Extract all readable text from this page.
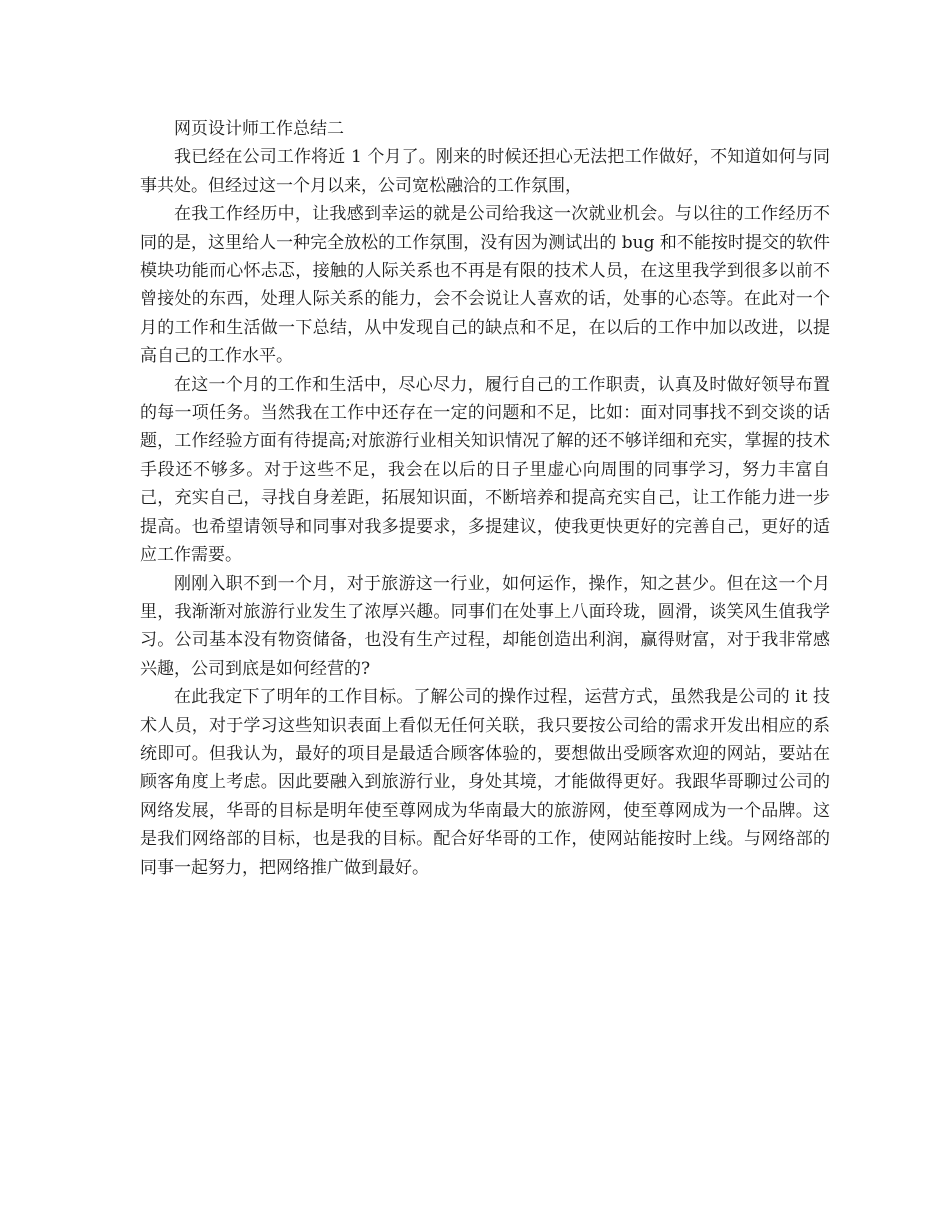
网页设计师工作总结二

我已经在公司工作将近 1 个月了。刚来的时候还担心无法把工作做好，不知道如何与同事共处。但经过这一个月以来，公司宽松融洽的工作氛围，

在我工作经历中，让我感到幸运的就是公司给我这一次就业机会。与以往的工作经历不同的是，这里给人一种完全放松的工作氛围，没有因为测试出的 bug 和不能按时提交的软件模块功能而心怀忐忑，接触的人际关系也不再是有限的技术人员，在这里我学到很多以前不曾接处的东西，处理人际关系的能力，会不会说让人喜欢的话，处事的心态等。在此对一个月的工作和生活做一下总结，从中发现自己的缺点和不足，在以后的工作中加以改进，以提高自己的工作水平。

在这一个月的工作和生活中，尽心尽力，履行自己的工作职责，认真及时做好领导布置的每一项任务。当然我在工作中还存在一定的问题和不足，比如：面对同事找不到交谈的话题，工作经验方面有待提高;对旅游行业相关知识情况了解的还不够详细和充实，掌握的技术手段还不够多。对于这些不足，我会在以后的日子里虚心向周围的同事学习，努力丰富自己，充实自己，寻找自身差距，拓展知识面，不断培养和提高充实自己，让工作能力进一步提高。也希望请领导和同事对我多提要求，多提建议，使我更快更好的完善自己，更好的适应工作需要。

刚刚入职不到一个月，对于旅游这一行业，如何运作，操作，知之甚少。但在这一个月里，我渐渐对旅游行业发生了浓厚兴趣。同事们在处事上八面玲珑，圆滑，谈笑风生值我学习。公司基本没有物资储备，也没有生产过程，却能创造出利润，赢得财富，对于我非常感兴趣，公司到底是如何经营的?

在此我定下了明年的工作目标。了解公司的操作过程，运营方式，虽然我是公司的 it 技术人员，对于学习这些知识表面上看似无任何关联，我只要按公司给的需求开发出相应的系统即可。但我认为，最好的项目是最适合顾客体验的，要想做出受顾客欢迎的网站，要站在顾客角度上考虑。因此要融入到旅游行业，身处其境，才能做得更好。我跟华哥聊过公司的网络发展，华哥的目标是明年使至尊网成为华南最大的旅游网，使至尊网成为一个品牌。这是我们网络部的目标，也是我的目标。配合好华哥的工作，使网站能按时上线。与网络部的同事一起努力，把网络推广做到最好。
